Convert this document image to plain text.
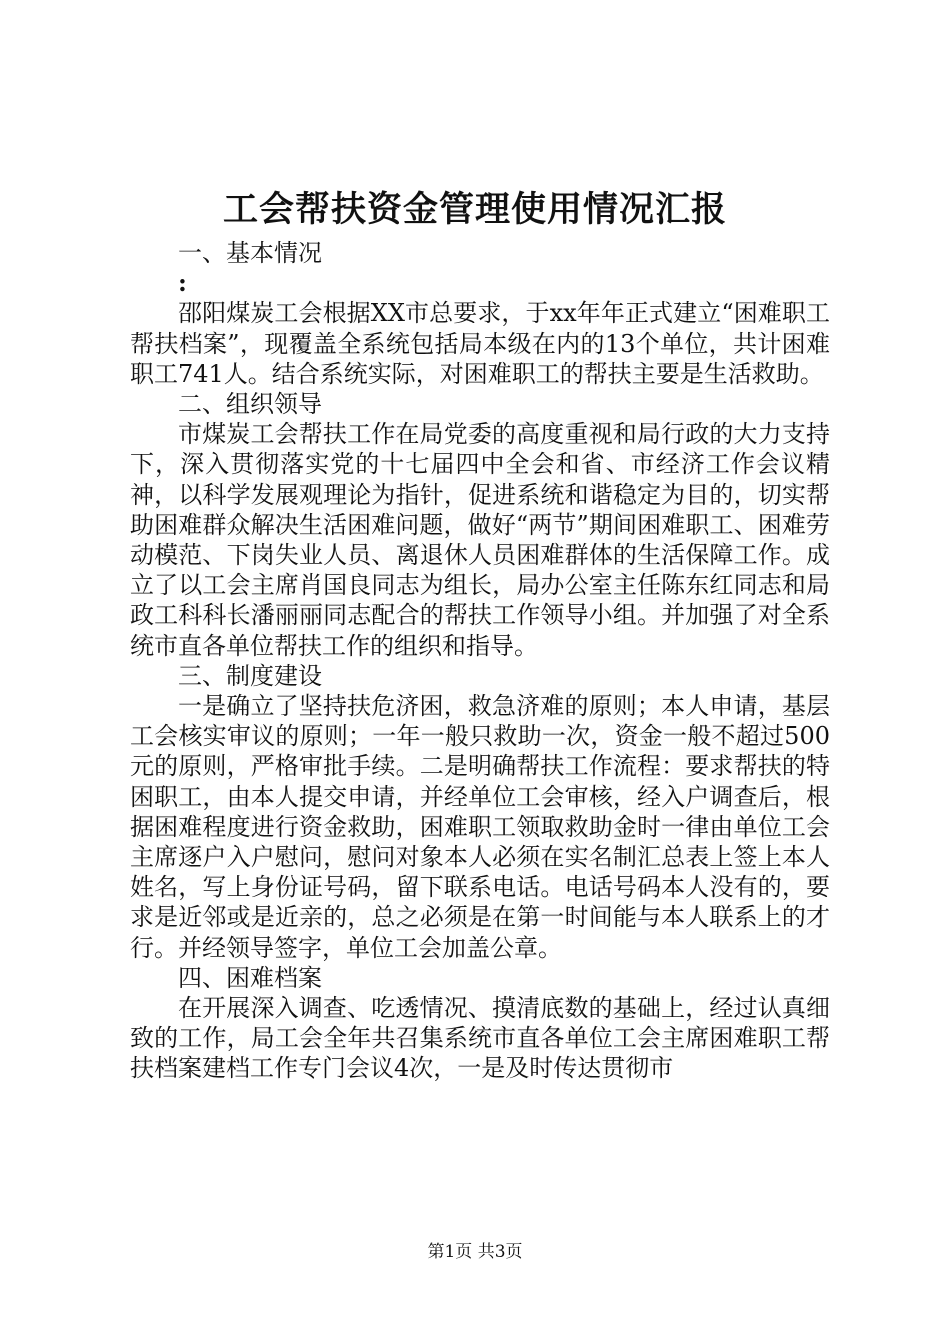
工会帮扶资金管理使用情况汇报

一、基本情况

:

邵阳煤炭工会根据XX市总要求，于xx年年正式建立“困难职工帮扶档案”，现覆盖全系统包括局本级在内的13个单位，共计困难职工741人。结合系统实际，对困难职工的帮扶主要是生活救助。

二、组织领导

市煤炭工会帮扶工作在局党委的高度重视和局行政的大力支持下，深入贯彻落实党的十七届四中全会和省、市经济工作会议精神，以科学发展观理论为指针，促进系统和谐稳定为目的，切实帮助困难群众解决生活困难问题，做好“两节”期间困难职工、困难劳动模范、下岗失业人员、离退休人员困难群体的生活保障工作。成立了以工会主席肖国良同志为组长，局办公室主任陈东红同志和局政工科科长潘丽丽同志配合的帮扶工作领导小组。并加强了对全系统市直各单位帮扶工作的组织和指导。

三、制度建设

一是确立了坚持扶危济困，救急济难的原则；本人申请，基层工会核实审议的原则；一年一般只救助一次，资金一般不超过500元的原则，严格审批手续。二是明确帮扶工作流程：要求帮扶的特困职工，由本人提交申请，并经单位工会审核，经入户调查后，根据困难程度进行资金救助，困难职工领取救助金时一律由单位工会主席逐户入户慰问，慰问对象本人必须在实名制汇总表上签上本人姓名，写上身份证号码，留下联系电话。电话号码本人没有的，要求是近邻或是近亲的，总之必须是在第一时间能与本人联系上的才行。并经领导签字，单位工会加盖公章。

四、困难档案

在开展深入调查、吃透情况、摸清底数的基础上，经过认真细致的工作，局工会全年共召集系统市直各单位工会主席困难职工帮扶档案建档工作专门会议4次，一是及时传达贯彻市

第1页 共3页
